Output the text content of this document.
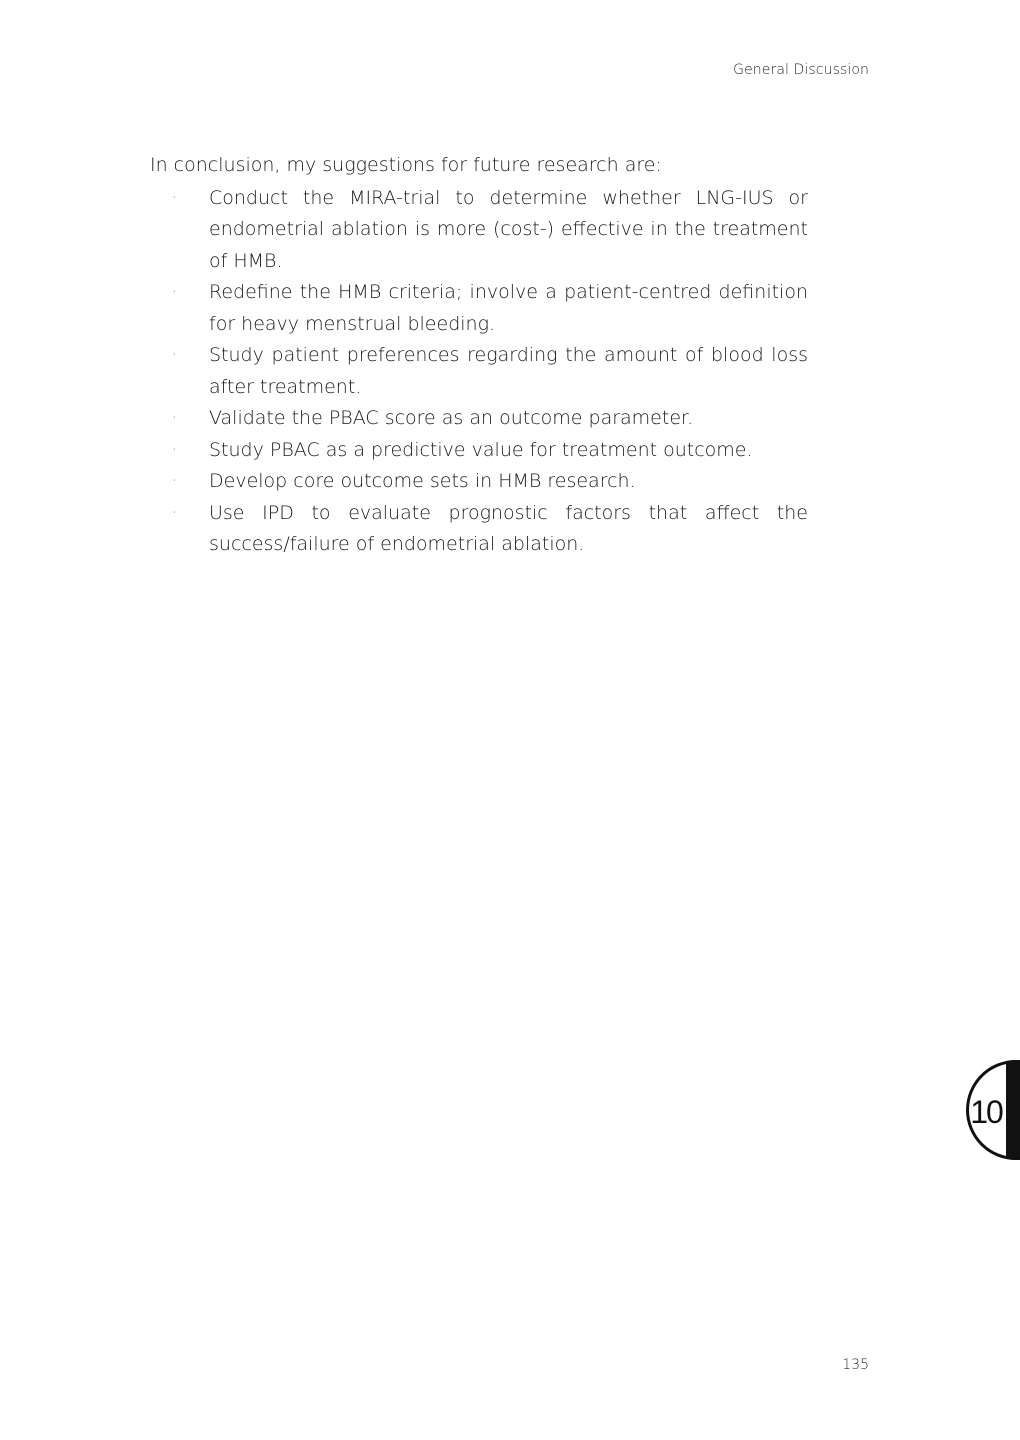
General Discussion

In conclusion, my suggestions for future research are:

·	Conduct the MIRA-trial to determine whether LNG-IUS or endometrial ablation is more (cost-) effective in the treatment of HMB.
·	Redefine the HMB criteria; involve a patient-centred definition for heavy menstrual bleeding.
·	Study patient preferences regarding the amount of blood loss after treatment.
·	Validate the PBAC score as an outcome parameter.
·	Study PBAC as a predictive value for treatment outcome.
·	Develop core outcome sets in HMB research.
·	Use IPD to evaluate prognostic factors that affect the success/failure of endometrial ablation.
10
135
